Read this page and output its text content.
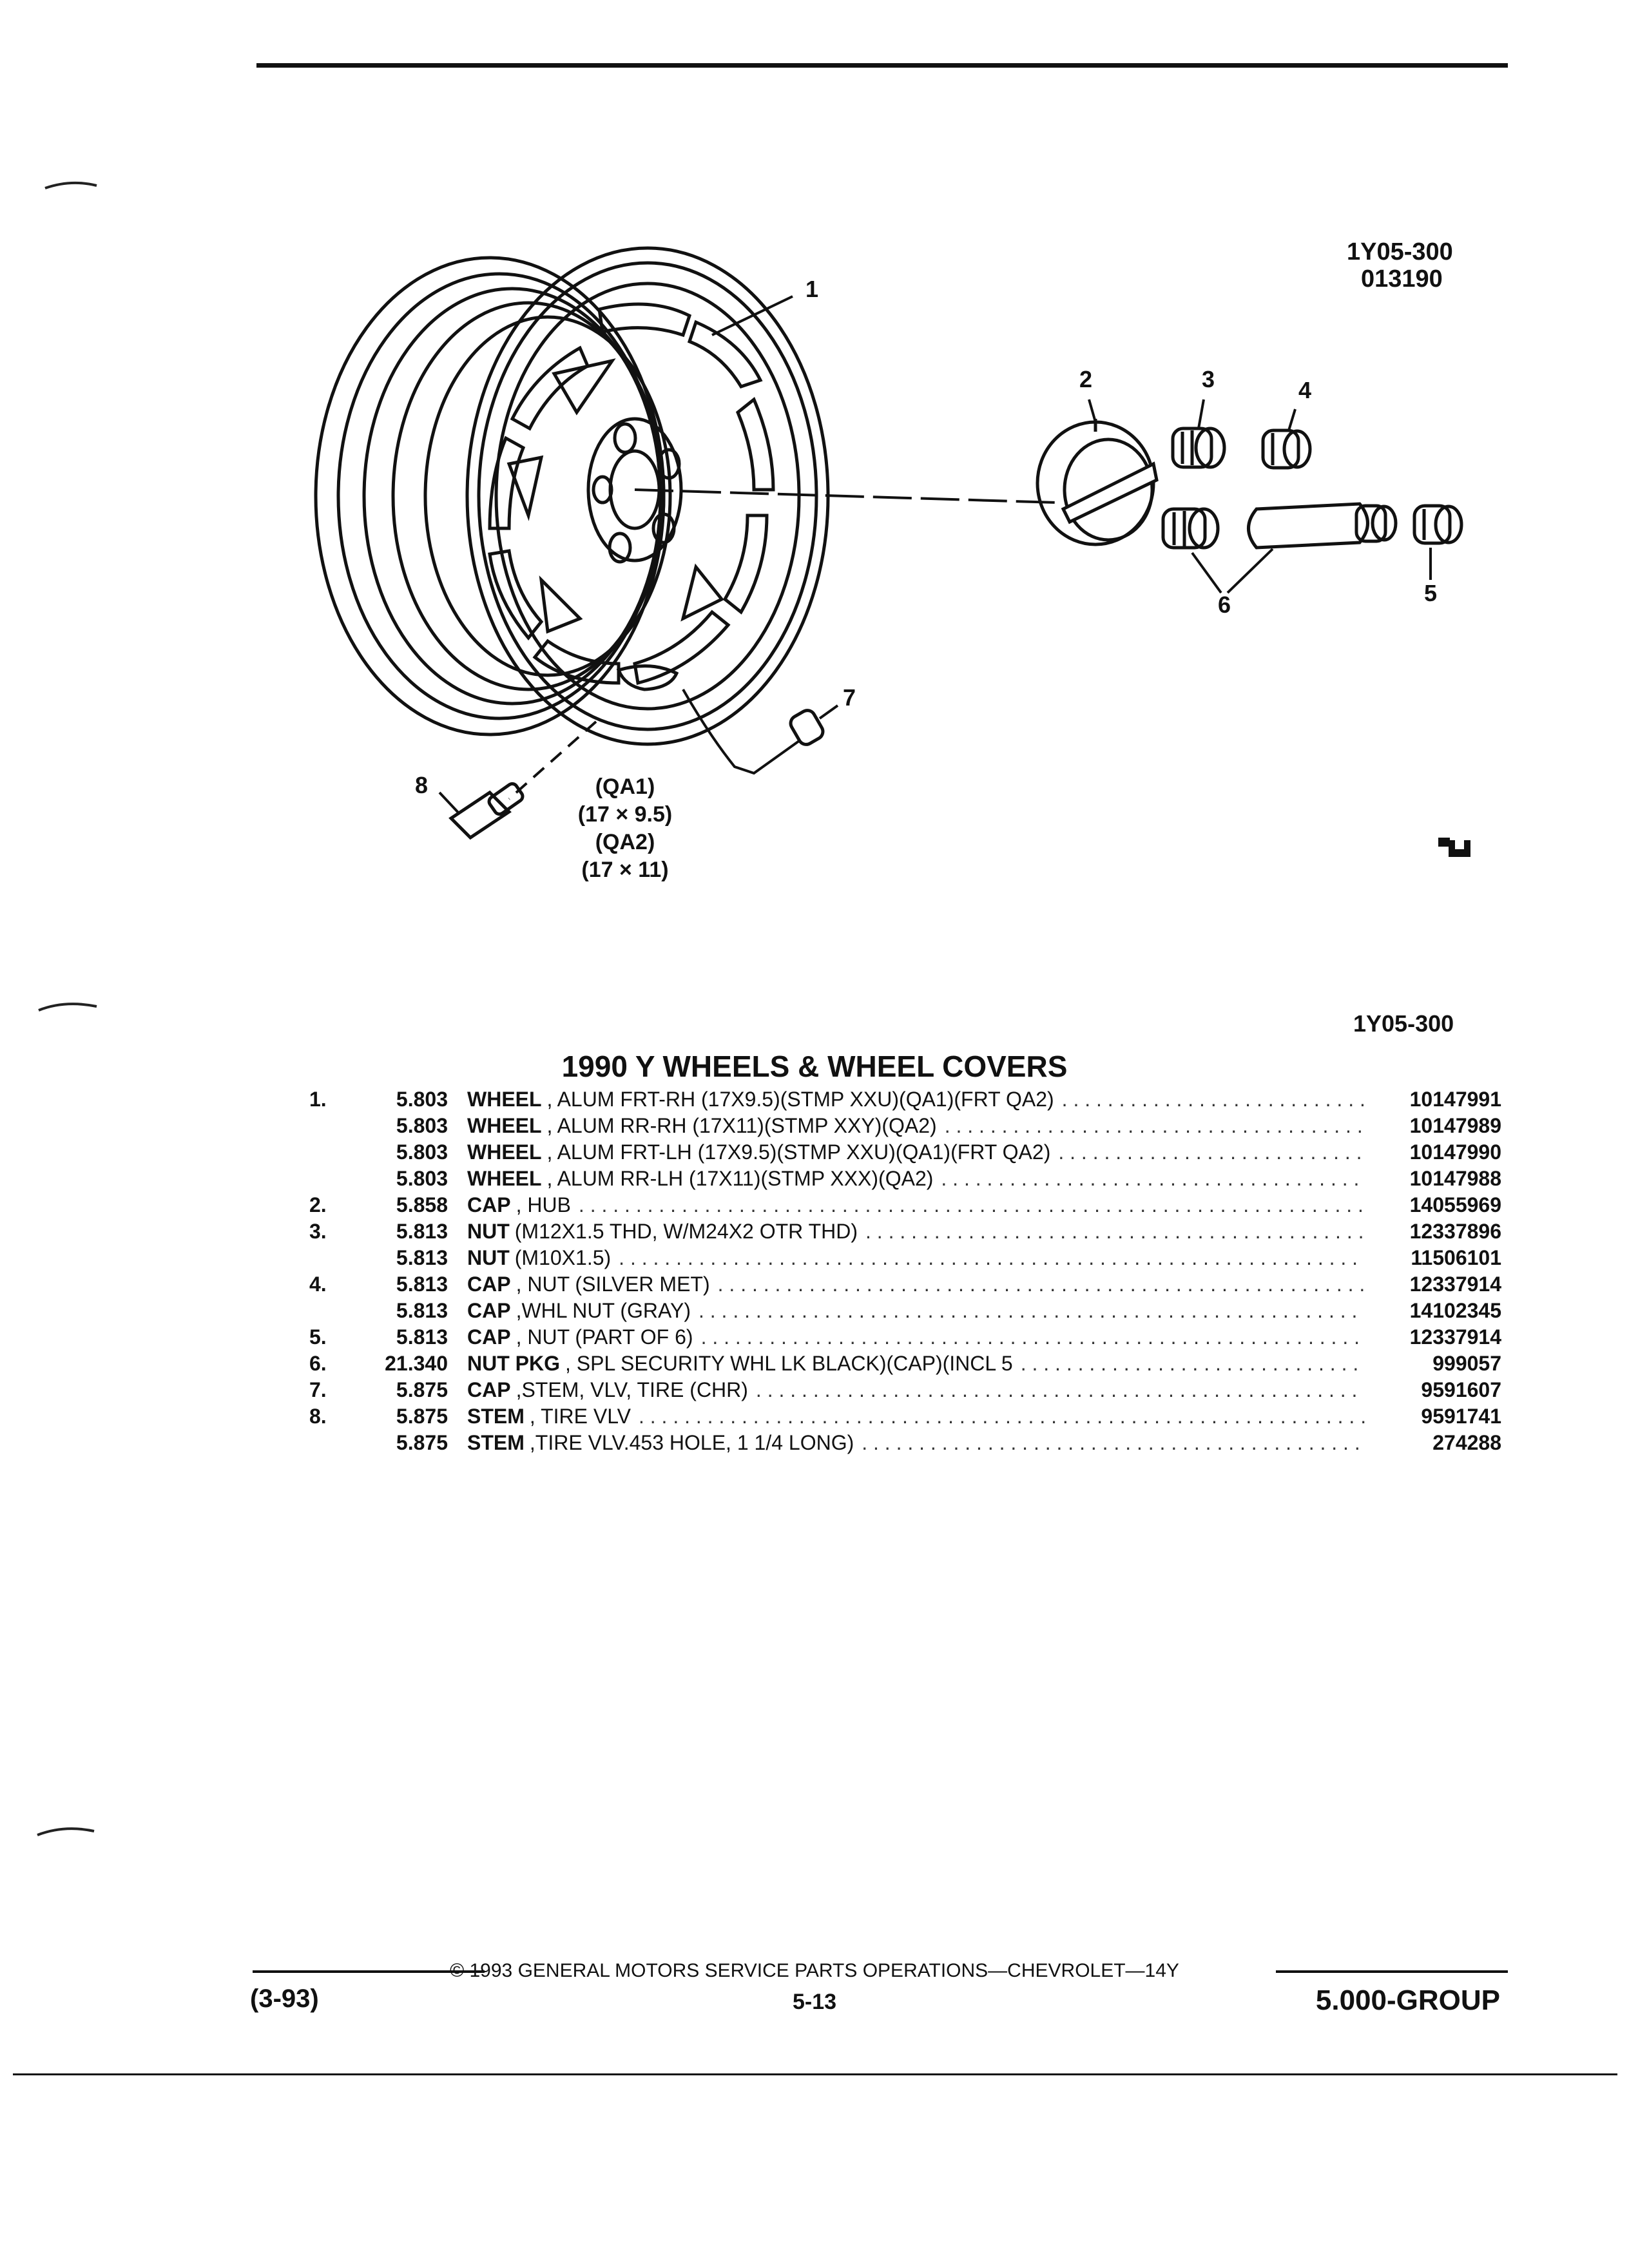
1Y05-300
013190
1
2	3	4
5
6
7
8	(QA1)
(17 × 9.5)
(QA2)
(17 × 11)
1Y05-300
1990 Y WHEELS & WHEEL COVERS
1.	5.803 WHEEL , ALUM FRT-RH (17X9.5)(STMP XXU)(QA1)(FRT QA2) . . .	10147991
5.803 WHEEL , ALUM RR-RH (17X11)(STMP XXY)(QA2) . . .	10147989
5.803 WHEEL , ALUM FRT-LH (17X9.5)(STMP XXU)(QA1)(FRT QA2) . . .	10147990
5.803 WHEEL , ALUM RR-LH (17X11)(STMP XXX)(QA2) . . .	10147988
2.	5.858 CAP , HUB . . .	14055969
3.	5.813 NUT (M12X1.5 THD, W/M24X2 OTR THD) . . .	12337896
5.813 NUT (M10X1.5) . . .	11506101
4.	5.813 CAP , NUT (SILVER MET) . . .	12337914
5.813 CAP ,WHL NUT (GRAY) . . .	14102345
5.	5.813 CAP , NUT (PART OF 6) . . .	12337914
6.	21.340 NUT PKG , SPL SECURITY WHL LK BLACK)(CAP)(INCL 5 . . .	999057
7.	5.875 CAP ,STEM, VLV, TIRE (CHR) . . .	9591607
8.	5.875 STEM , TIRE VLV . . .	9591741
5.875 STEM ,TIRE VLV.453 HOLE, 1 1/4 LONG) . . .	274288
© 1993 GENERAL MOTORS SERVICE PARTS OPERATIONS—CHEVROLET—14Y
5-13
(3-93)	5.000-GROUP
